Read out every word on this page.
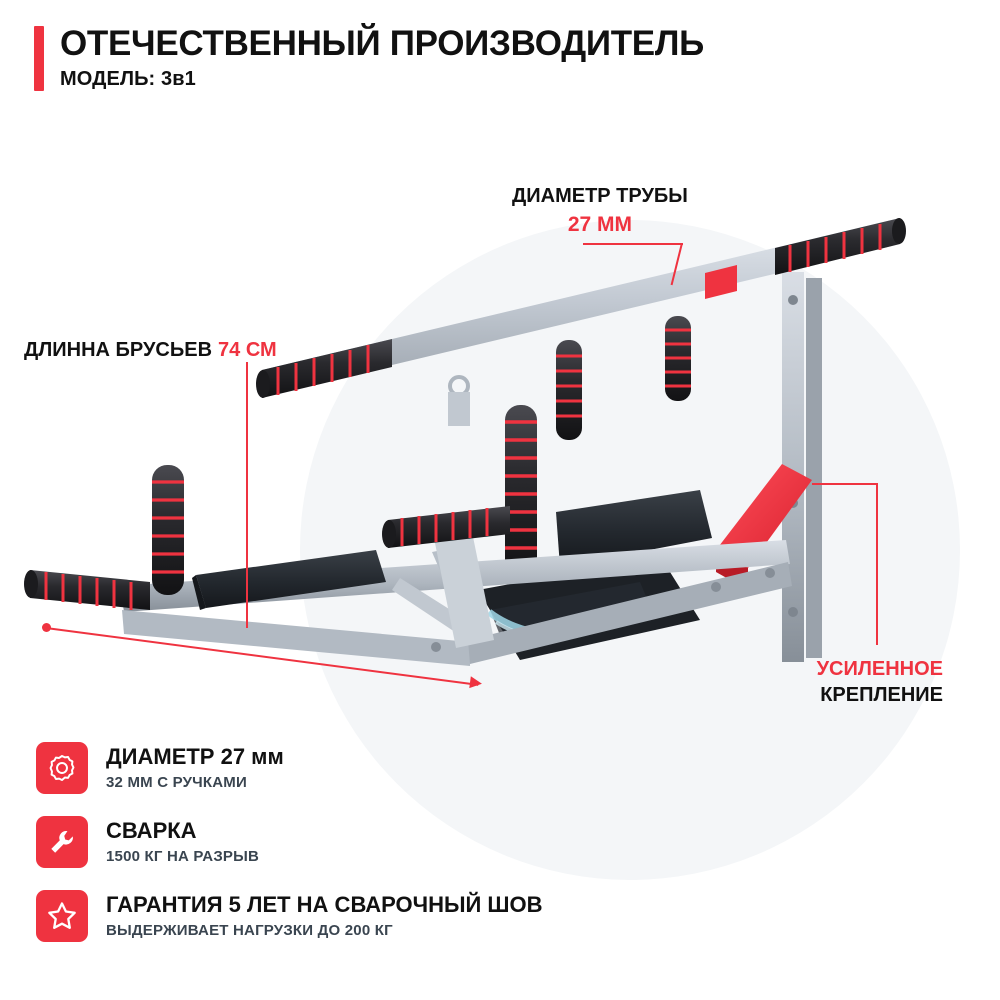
ОТЕЧЕСТВЕННЫЙ ПРОИЗВОДИТЕЛЬ
МОДЕЛЬ: 3в1
ДИАМЕТР ТРУБЫ
27 ММ
ДЛИННА БРУСЬЕВ 74 СМ
УСИЛЕННОЕ
КРЕПЛЕНИЕ
ДИАМЕТР 27 мм
32 ММ С РУЧКАМИ
СВАРКА
1500 КГ НА РАЗРЫВ
ГАРАНТИЯ 5 ЛЕТ НА СВАРОЧНЫЙ ШОВ
ВЫДЕРЖИВАЕТ НАГРУЗКИ ДО 200 КГ
